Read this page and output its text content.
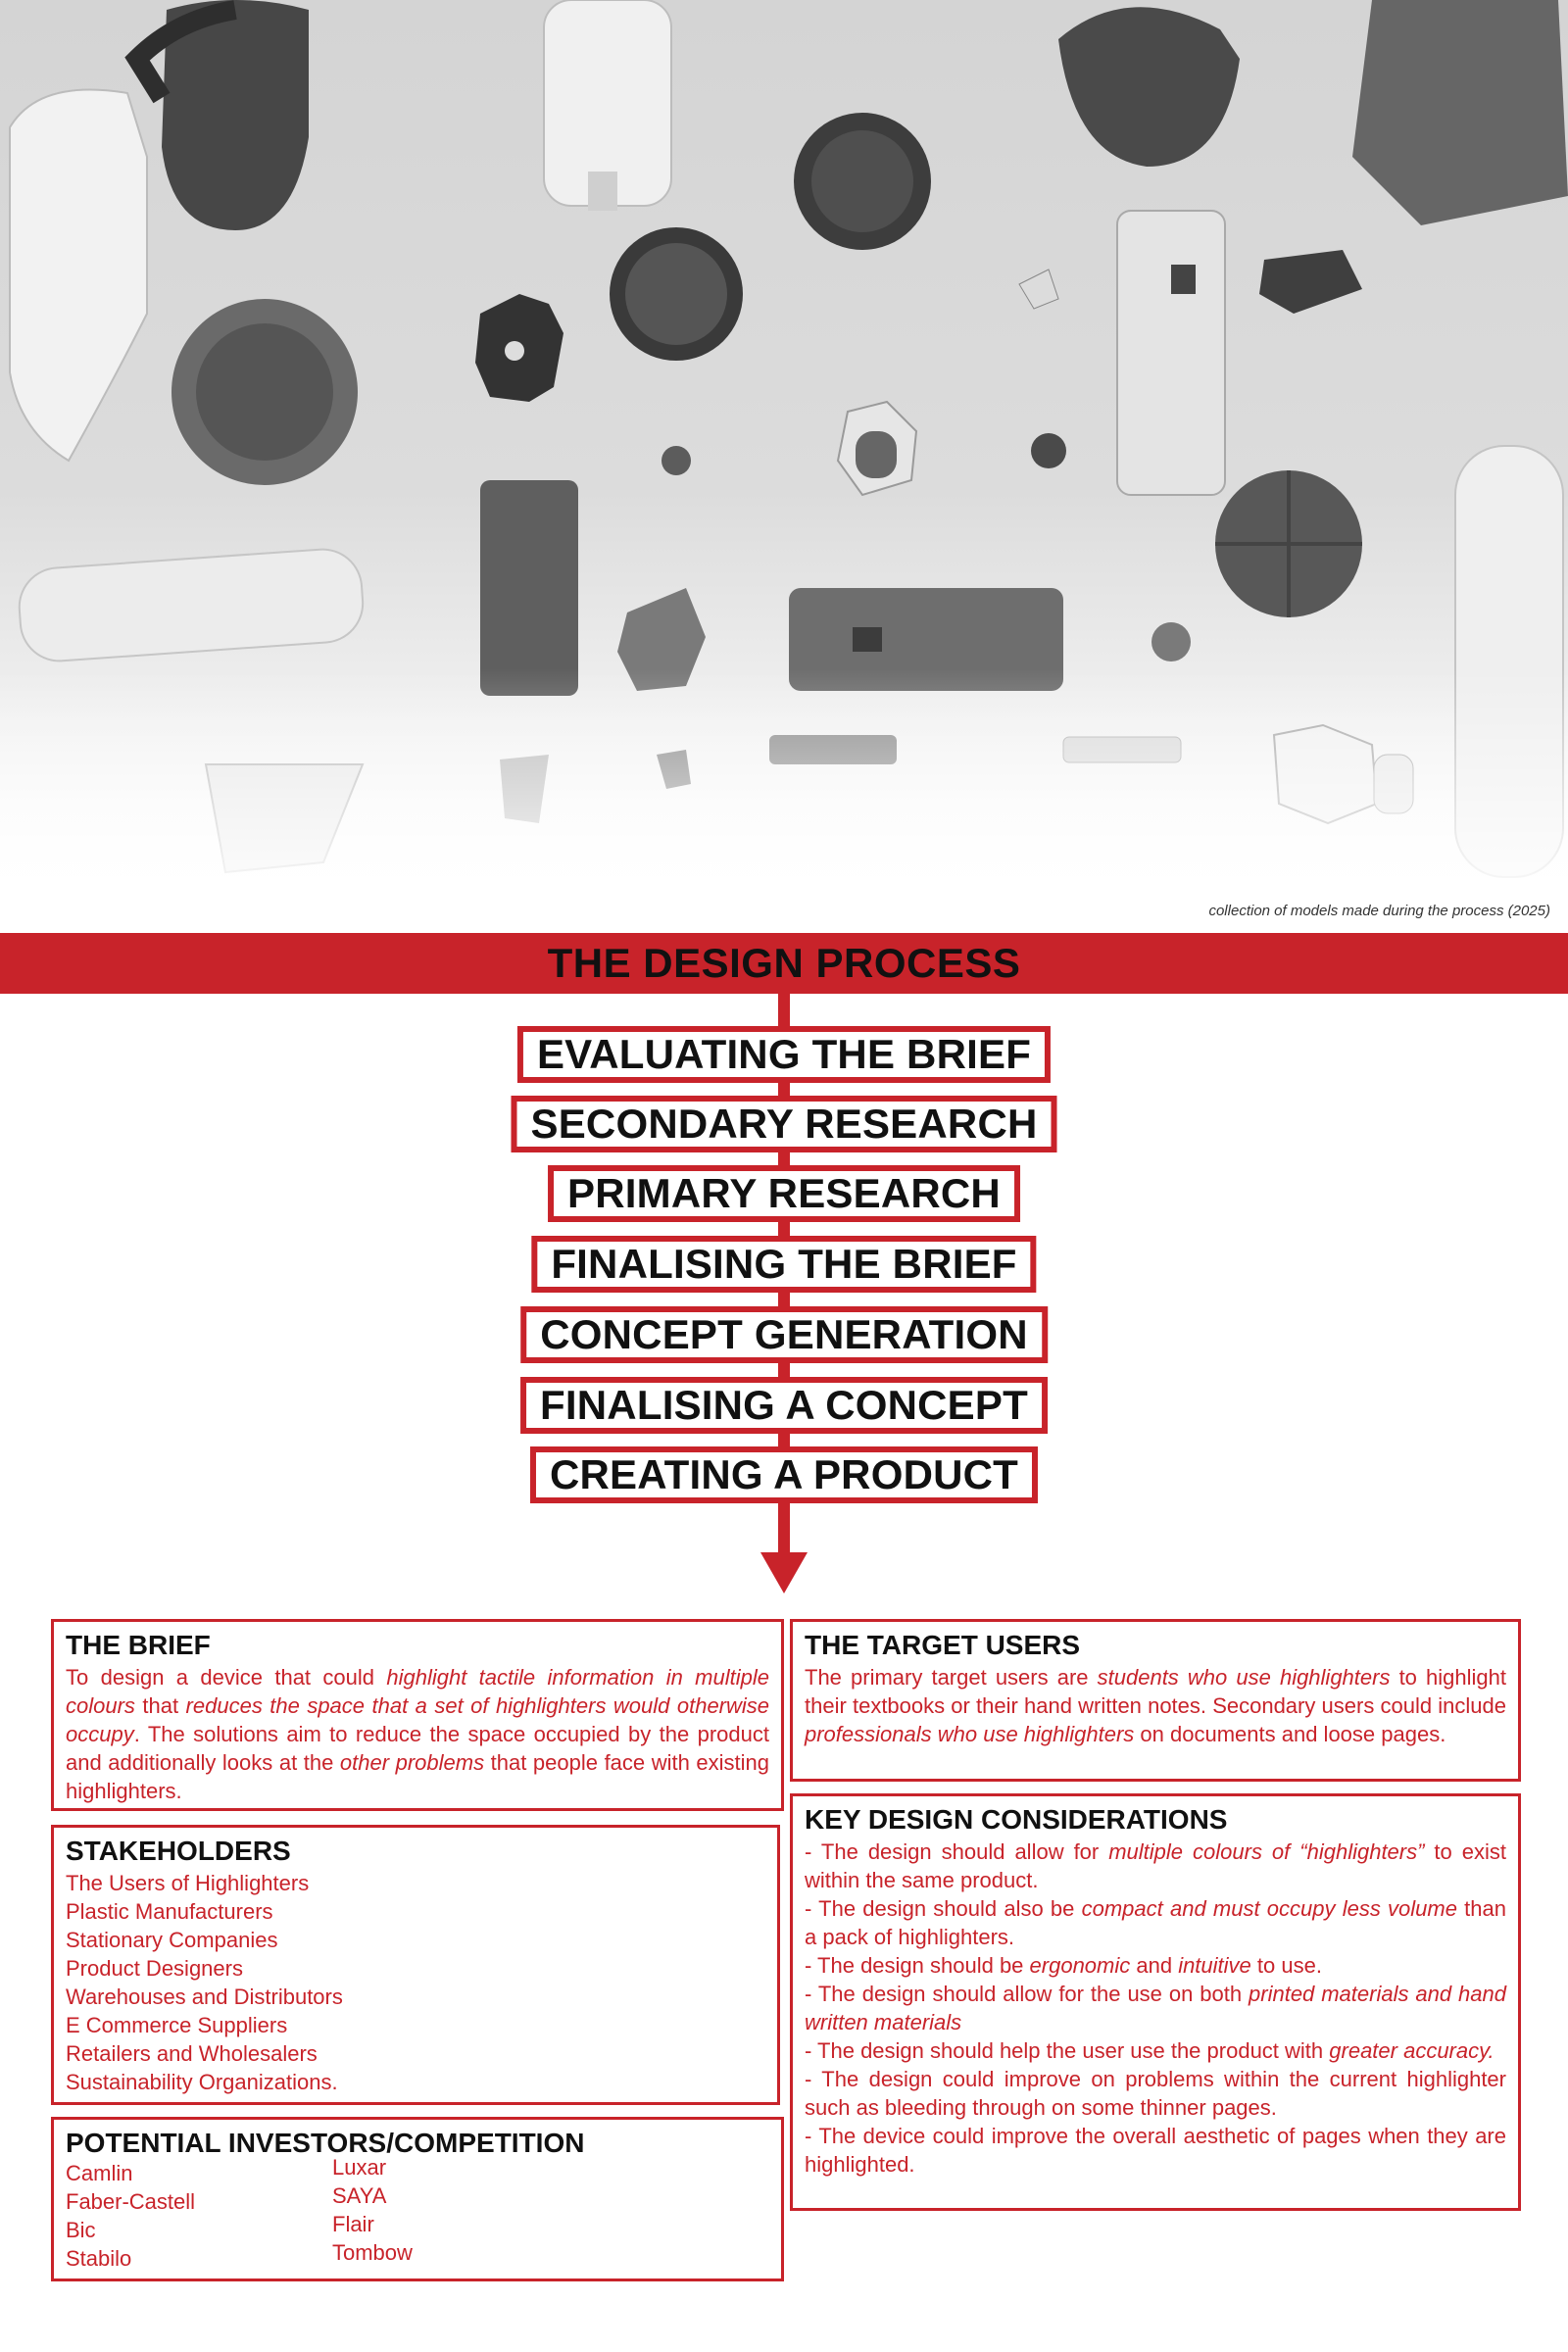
collection of models made during the process (2025)
THE DESIGN PROCESS
EVALUATING THE BRIEF
SECONDARY RESEARCH
PRIMARY RESEARCH
FINALISING THE BRIEF
CONCEPT GENERATION
FINALISING A CONCEPT
CREATING A PRODUCT
THE BRIEF

To design a device that could highlight tactile information in multiple colours that reduces the space that a set of highlighters would otherwise occupy. The solutions aim to reduce the space occupied by the product and additionally looks at the other problems that people face with existing highlighters.

THE TARGET USERS

The primary target users are students who use highlighters to highlight their textbooks or their hand written notes. Secondary users could include professionals who use highlighters on documents and loose pages.

STAKEHOLDERS
The Users of Highlighters
Plastic Manufacturers
Stationary Companies
Product Designers
Warehouses and Distributors
E Commerce Suppliers
Retailers and Wholesalers
Sustainability Organizations.
KEY DESIGN CONSIDERATIONS

- The design should allow for multiple colours of “highlighters” to exist within the same product.

- The design should also be compact and must occupy less volume than a pack of highlighters.

- The design should be ergonomic and intuitive to use.

- The design should allow for the use on both printed materials and hand written materials

- The design should help the user use the product with greater accuracy.

- The design could improve on problems within the current highlighter such as bleeding through on some thinner pages.

- The device could improve the overall aesthetic of pages when they are highlighted.

POTENTIAL INVESTORS/COMPETITION
Camlin
Faber-Castell
Bic
Stabilo
Luxar
SAYA
Flair
Tombow
